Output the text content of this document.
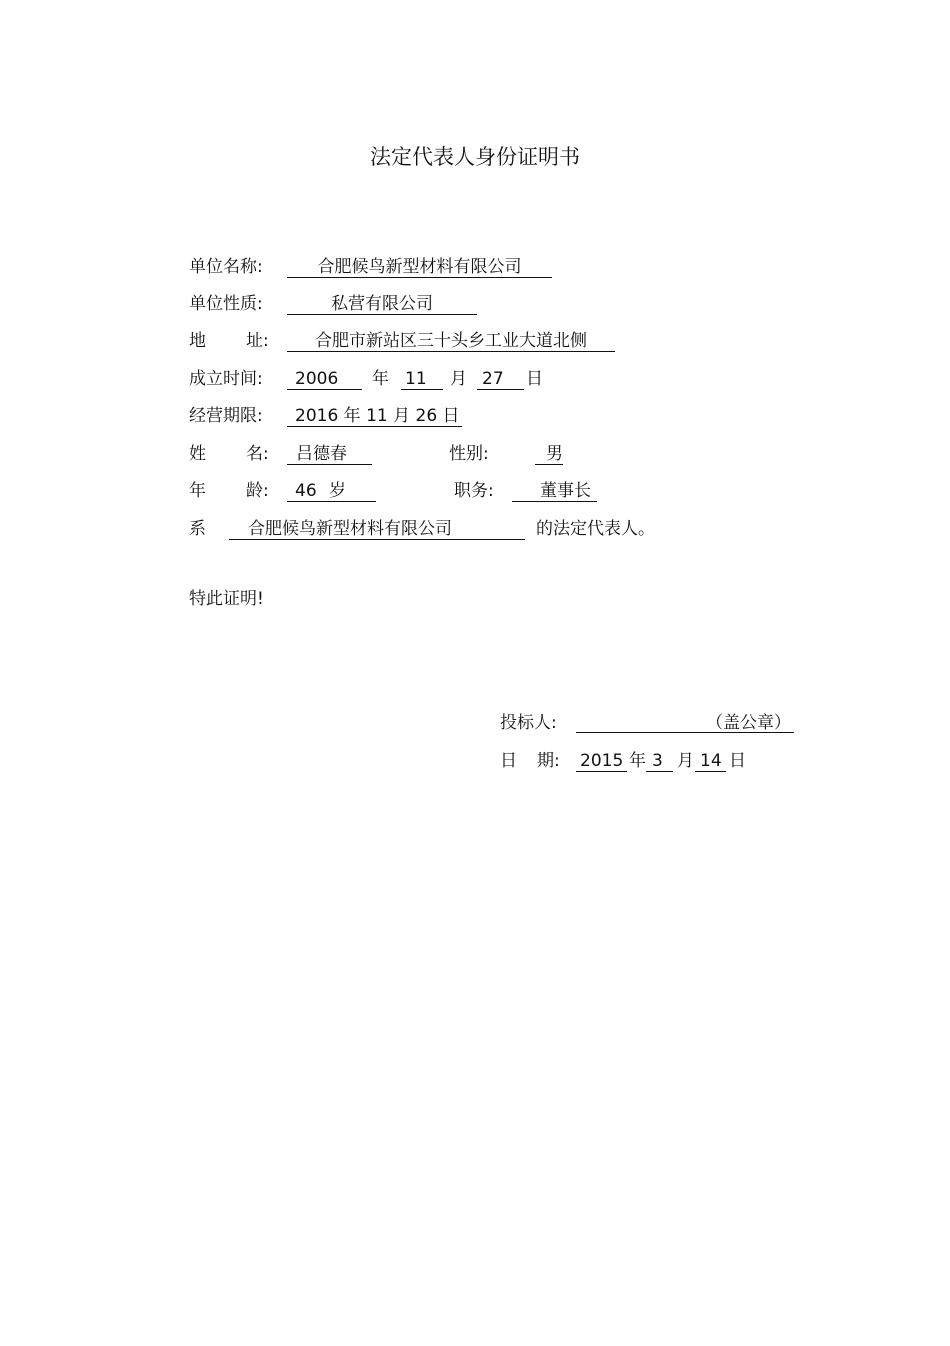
法定代表人身份证明书
单位名称:	合肥候鸟新型材料有限公司
单位性质:	私营有限公司
地 址:	合肥市新站区三十头乡工业大道北侧
成立时间: 2006 年 11 月 27 日
经营期限: 2016 年 11 月 26 日
姓 名: 吕德春	性别:	男
年 龄: 46 岁	职务:	董事长
系 合肥候鸟新型材料有限公司	的法定代表人。
特此证明!
投标人:	（盖公章）
日 期: 2015 年 3 月 14 日
